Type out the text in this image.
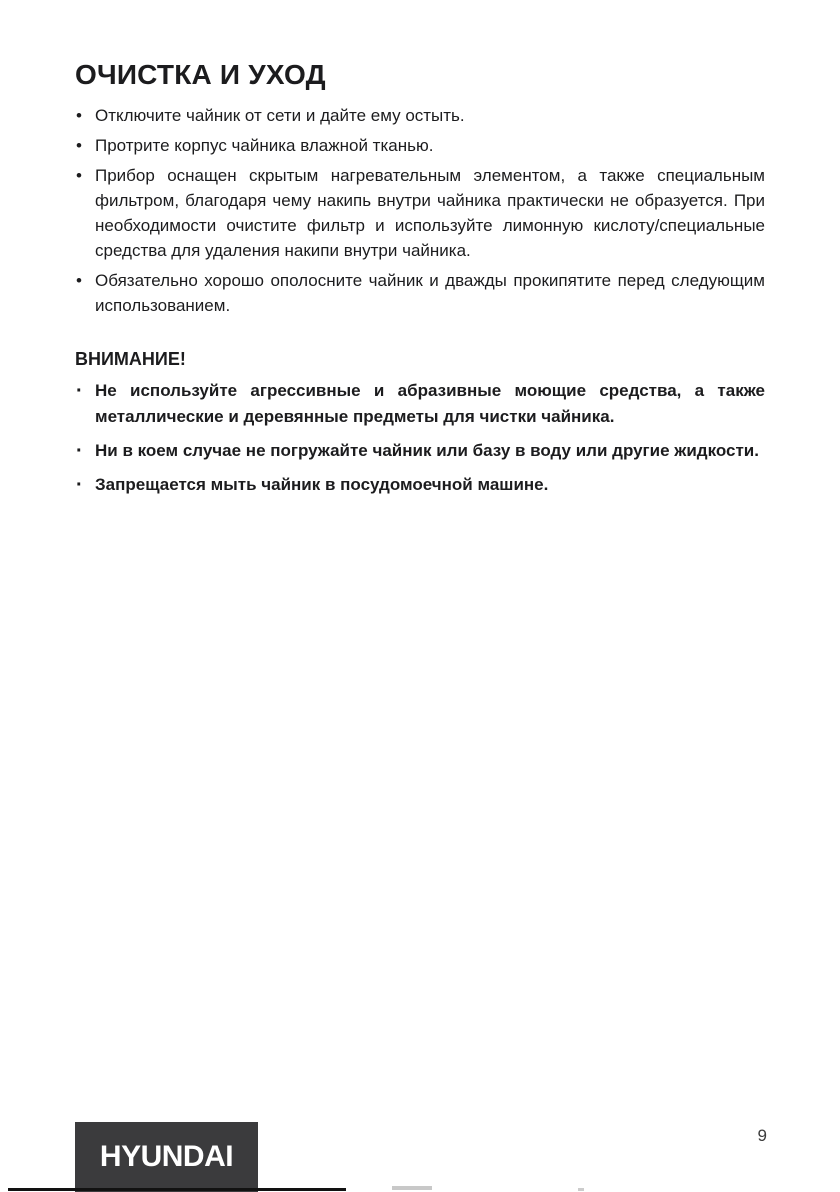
ОЧИСТКА И УХОД
•
Отключите чайник от сети и дайте ему остыть.
•
Протрите корпус чайника влажной тканью.
•
Прибор оснащен скрытым нагревательным элементом, а также специальным фильтром, благодаря чему накипь внутри чайника практически не образуется. При необходимости очистите фильтр и используйте лимонную кислоту/специальные средства для удаления накипи внутри чайника.
•
Обязательно хорошо ополосните чайник и дважды прокипятите перед следующим использованием.
ВНИМАНИЕ!
·
Не используйте агрессивные и абразивные моющие средства, а также металлические и деревянные предметы для чистки чайника.
·
Ни в коем случае не погружайте чайник или базу в воду или другие жидкости.
·
Запрещается мыть чайник в посудомоечной машине.
HYUNDAI
9
